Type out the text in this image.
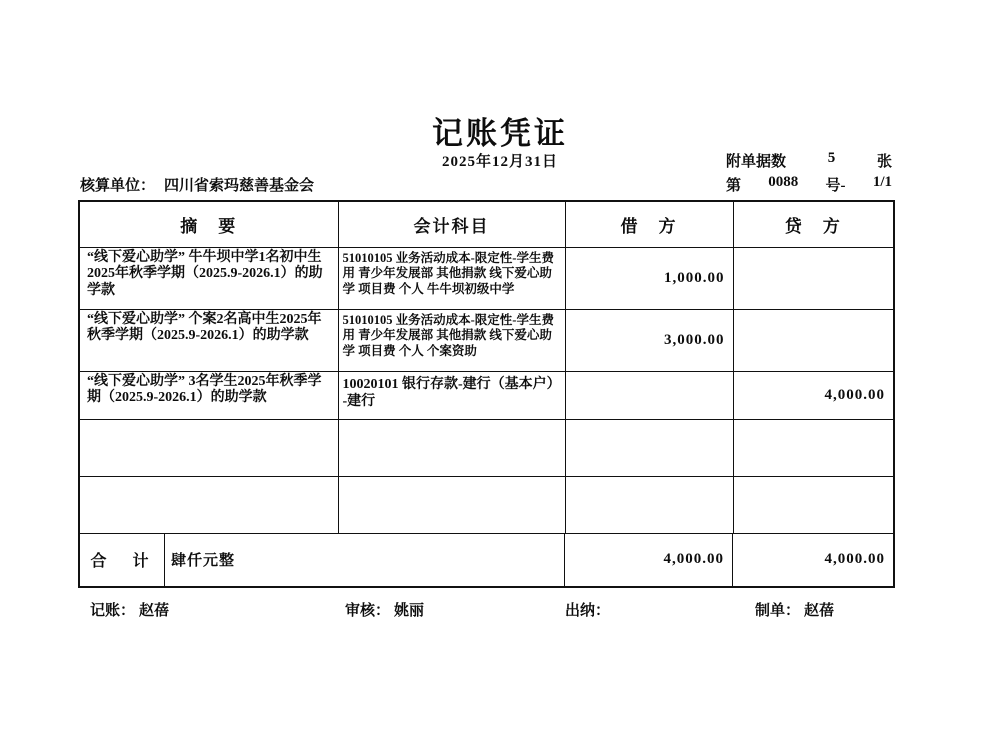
记账凭证
2025年12月31日	附单据数	5	张
第 0088 号- 1/1
核算单位： 四川省索玛慈善基金会
摘　要	会计科目	借　方	贷　方
“线下爱心助学” 牛牛坝中学1名初中生2025年秋季学期（2025.9-2026.1）的助学款	51010105 业务活动成本-限定性-学生费用 青少年发展部 其他捐款 线下爱心助学 项目费 个人 牛牛坝初级中学	1,000.00	
“线下爱心助学” 个案2名高中生2025年秋季学期（2025.9-2026.1）的助学款	51010105 业务活动成本-限定性-学生费用 青少年发展部 其他捐款 线下爱心助学 项目费 个人 个案资助	3,000.00	
“线下爱心助学” 3名学生2025年秋季学期（2025.9-2026.1）的助学款	10020101 银行存款-建行（基本户）-建行		4,000.00

合　计	肆仟元整	4,000.00	4,000.00
记账： 赵蓓	审核： 姚丽	出纳：	制单： 赵蓓
